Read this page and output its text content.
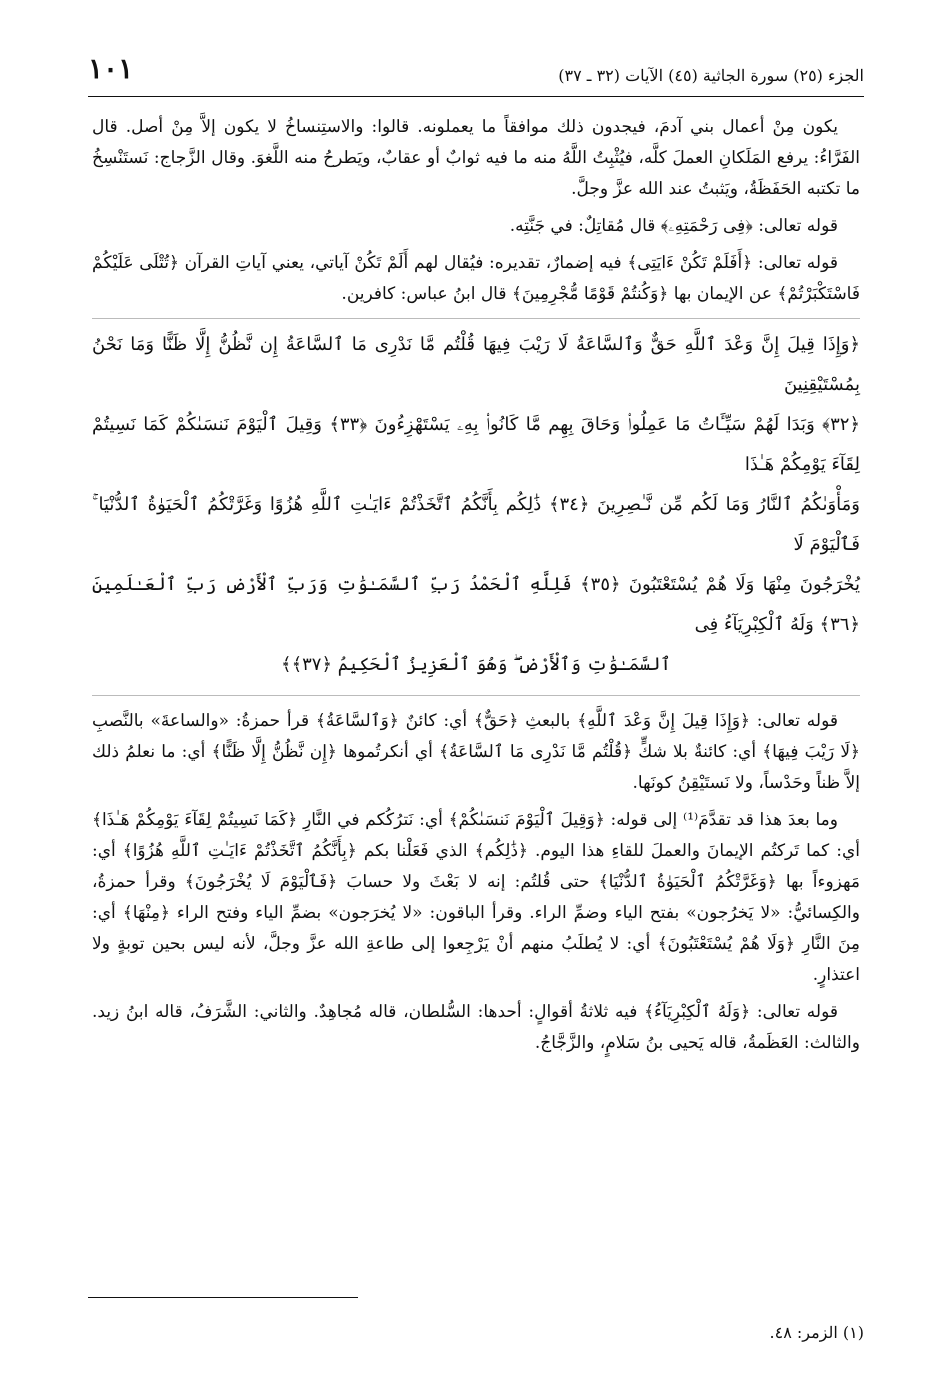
١٠١	الجزء (٢٥) سورة الجاثية (٤٥) الآيات (٣٢ ـ ٣٧)

يكون مِنْ أعمال بني آدمَ، فيجدون ذلك موافقاً ما يعملونه. قالوا: والاستِنساخُ لا يكون إلاَّ مِنْ أصل. قال الفَرَّاءُ: يرفع المَلَكانِ العملَ كلَّه، فيُثْبِتُ اللَّهُ منه ما فيه ثوابٌ أو عقابٌ، ويَطرحُ منه اللَّغوَ. وقال الزَّجاج: نَستَنْسِخُ ما تكتبه الحَفَظَةُ، ويَثبتُ عند الله عزَّ وجلَّ.

قوله تعالى: ﴿فِى رَحْمَتِهِۦ﴾ قال مُقاتِلٌ: في جَنَّتِه.

قوله تعالى: ﴿أَفَلَمْ تَكُنْ ءَايَتِى﴾ فيه إضمارٌ، تقديره: فيُقال لهم أَلَمْ تَكُنْ آياتي، يعني آياتِ القرآن ﴿تُتْلَى عَلَيْكُمْ فَاسْتَكْبَرْتُمْ﴾ عن الإيمان بها ﴿وَكُنتُمْ قَوْمًا مُّجْرِمِينَ﴾ قال ابنُ عباس: كافرين.

﴿وَإِذَا قِيلَ إِنَّ وَعْدَ ٱللَّهِ حَقٌّ وَٱلسَّاعَةُ لَا رَيْبَ فِيهَا قُلْتُم مَّا نَدْرِى مَا ٱلسَّاعَةُ إِن نَّظُنُّ إِلَّا ظَنًّا وَمَا نَحْنُ بِمُسْتَيْقِنِينَ
﴿٣٢﴾ وَبَدَا لَهُمْ سَيِّـَٔاتُ مَا عَمِلُوا۟ وَحَاقَ بِهِم مَّا كَانُوا۟ بِهِۦ يَسْتَهْزِءُونَ ﴿٣٣﴾ وَقِيلَ ٱلْيَوْمَ نَنسَىٰكُمْ كَمَا نَسِيتُمْ لِقَآءَ يَوْمِكُمْ هَـٰذَا
وَمَأْوَىٰكُمُ ٱلنَّارُ وَمَا لَكُم مِّن نَّـٰصِرِينَ ﴿٣٤﴾ ذَٰلِكُم بِأَنَّكُمُ ٱتَّخَذْتُمْ ءَايَـٰتِ ٱللَّهِ هُزُوًا وَغَرَّتْكُمُ ٱلْحَيَوٰةُ ٱلدُّنْيَا ۚ فَٱلْيَوْمَ لَا
يُخْرَجُونَ مِنْهَا وَلَا هُمْ يُسْتَعْتَبُونَ ﴿٣٥﴾ فَلِلَّهِ ٱلْحَمْدُ رَبِّ ٱلسَّمَـٰوَٰتِ وَرَبِّ ٱلْأَرْضِ رَبِّ ٱلْعَـٰلَمِينَ ﴿٣٦﴾ وَلَهُ ٱلْكِبْرِيَآءُ فِى
ٱلسَّمَـٰوَٰتِ وَٱلْأَرْضِ ۖ وَهُوَ ٱلْعَزِيزُ ٱلْحَكِيمُ ﴿٣٧﴾﴾

قوله تعالى: ﴿وَإِذَا قِيلَ إِنَّ وَعْدَ ٱللَّهِ﴾ بالبعثِ ﴿حَقٌّ﴾ أي: كائنٌ ﴿وَٱلسَّاعَةُ﴾ قرأ حمزةُ: «والساعةَ» بالنَّصبِ ﴿لَا رَيْبَ فِيهَا﴾ أي: كائنةٌ بلا شكٍّ ﴿قُلْتُم مَّا نَدْرِى مَا ٱلسَّاعَةُ﴾ أي أنكرتُموها ﴿إِن نَّظُنُّ إِلَّا ظَنًّا﴾ أي: ما نعلمُ ذلك إلاَّ ظناً وحَدْساً، ولا نَستَيْقِنُ كونَها.

وما بعدَ هذا قد تقدَّمَ⁽¹⁾ إلى قوله: ﴿وَقِيلَ ٱلْيَوْمَ نَنسَىٰكُمْ﴾ أي: نَترُكُكم في النَّارِ ﴿كَمَا نَسِيتُمْ لِقَآءَ يَوْمِكُمْ هَـٰذَا﴾ أي: كما تَركتُم الإيمانَ والعملَ للقاءِ هذا اليوم. ﴿ذَٰلِكُم﴾ الذي فَعَلْنا بكم ﴿بِأَنَّكُمُ ٱتَّخَذْتُمْ ءَايَـٰتِ ٱللَّهِ هُزُوًا﴾ أي: مَهزوءاً بها ﴿وَغَرَّتْكُمُ ٱلْحَيَوٰةُ ٱلدُّنْيَا﴾ حتى قُلتُم: إنه لا بَعْثَ ولا حسابَ ﴿فَٱلْيَوْمَ لَا يُخْرَجُونَ﴾ وقرأ حمزةُ، والكِسائيُّ: «لا يَخرُجون» بفتح الياء وضمِّ الراء. وقرأ الباقون: «لا يُخرَجون» بضمِّ الياء وفتح الراء ﴿مِنْهَا﴾ أي: مِنَ النَّارِ ﴿وَلَا هُمْ يُسْتَعْتَبُونَ﴾ أي: لا يُطلَبُ منهم أنْ يَرْجِعوا إلى طاعةِ الله عزَّ وجلَّ، لأنه ليس بحين توبةٍ ولا اعتذارٍ.

قوله تعالى: ﴿وَلَهُ ٱلْكِبْرِيَآءُ﴾ فيه ثلاثةُ أقوالٍ: أحدها: السُّلطان، قاله مُجاهِدٌ. والثاني: الشَّرَفُ، قاله ابنُ زيد. والثالث: العَظَمةُ، قاله يَحيى بنُ سَلامٍ، والزَّجَّاجُ.

(١) الزمر: ٤٨.
